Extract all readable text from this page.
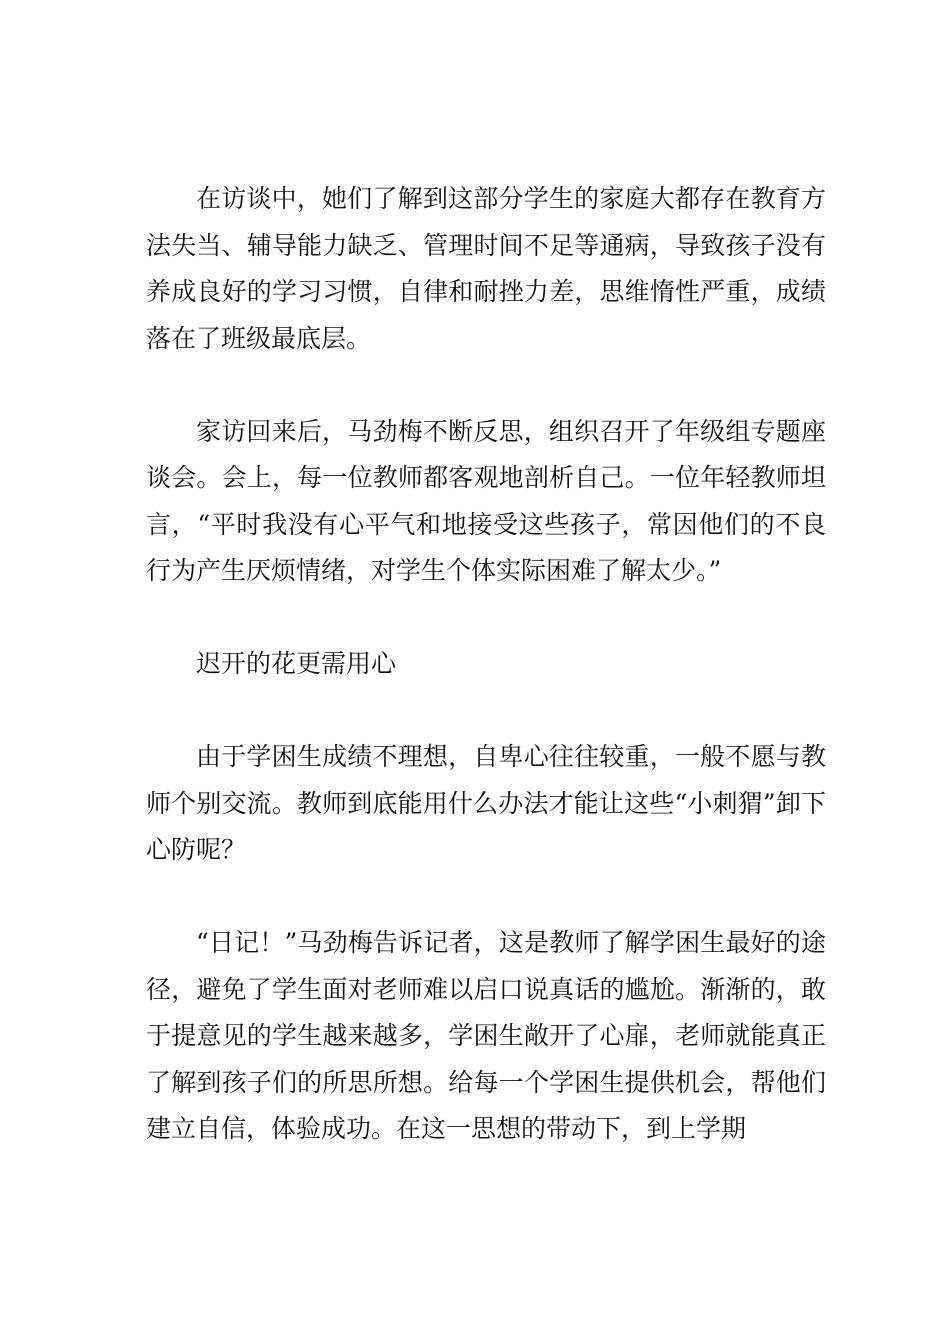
在访谈中，她们了解到这部分学生的家庭大都存在教育方法失当、辅导能力缺乏、管理时间不足等通病，导致孩子没有养成良好的学习习惯，自律和耐挫力差，思维惰性严重，成绩落在了班级最底层。

家访回来后，马劲梅不断反思，组织召开了年级组专题座谈会。会上，每一位教师都客观地剖析自己。一位年轻教师坦言，“平时我没有心平气和地接受这些孩子，常因他们的不良行为产生厌烦情绪，对学生个体实际困难了解太少。”

迟开的花更需用心

由于学困生成绩不理想，自卑心往往较重，一般不愿与教师个别交流。教师到底能用什么办法才能让这些“小刺猬”卸下心防呢？

“日记！”马劲梅告诉记者，这是教师了解学困生最好的途径，避免了学生面对老师难以启口说真话的尴尬。渐渐的，敢于提意见的学生越来越多，学困生敞开了心扉，老师就能真正了解到孩子们的所思所想。给每一个学困生提供机会，帮他们建立自信，体验成功。在这一思想的带动下，到上学期
